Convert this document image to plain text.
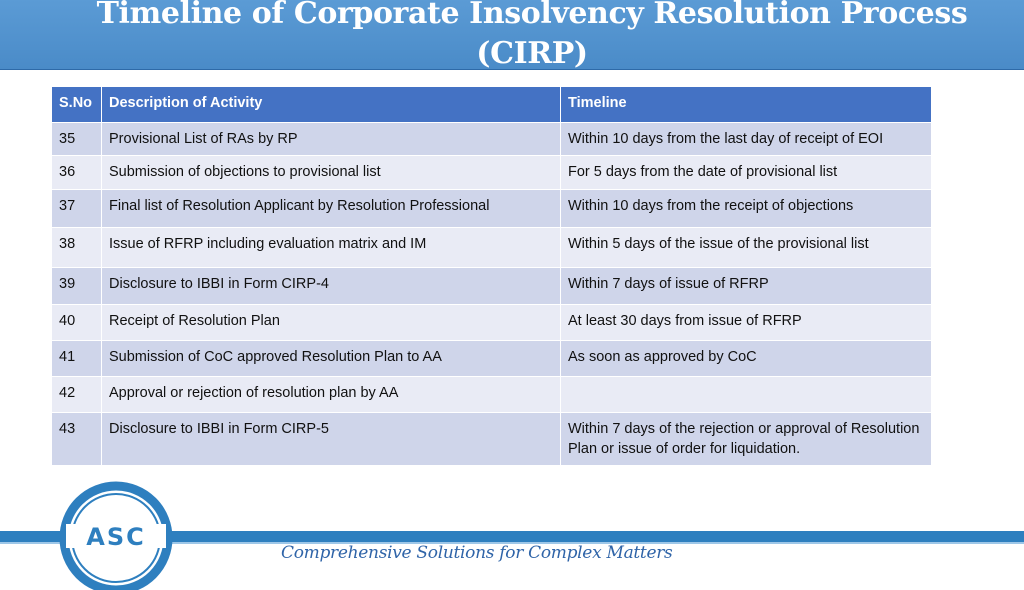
Timeline of Corporate Insolvency Resolution Process
(CIRP)
S.No	Description of Activity	Timeline
35	Provisional List of RAs by RP	Within 10 days from the last day of receipt of EOI
36	Submission of objections to provisional list	For 5 days from the date of provisional list
37	Final list of Resolution Applicant by Resolution Professional	Within 10 days from the receipt of objections
38	Issue of RFRP including evaluation matrix and IM	Within 5 days of the issue of the provisional list
39	Disclosure to IBBI in Form CIRP-4	Within 7 days of issue of RFRP
40	Receipt of Resolution Plan	At least 30 days from issue of RFRP
41	Submission of CoC approved Resolution Plan to AA	As soon as approved by CoC
42	Approval or rejection of resolution plan by AA	
43	Disclosure to IBBI in Form CIRP-5	Within 7 days of the rejection or approval of Resolution Plan or issue of order for liquidation.
ASC
Comprehensive Solutions for Complex Matters
